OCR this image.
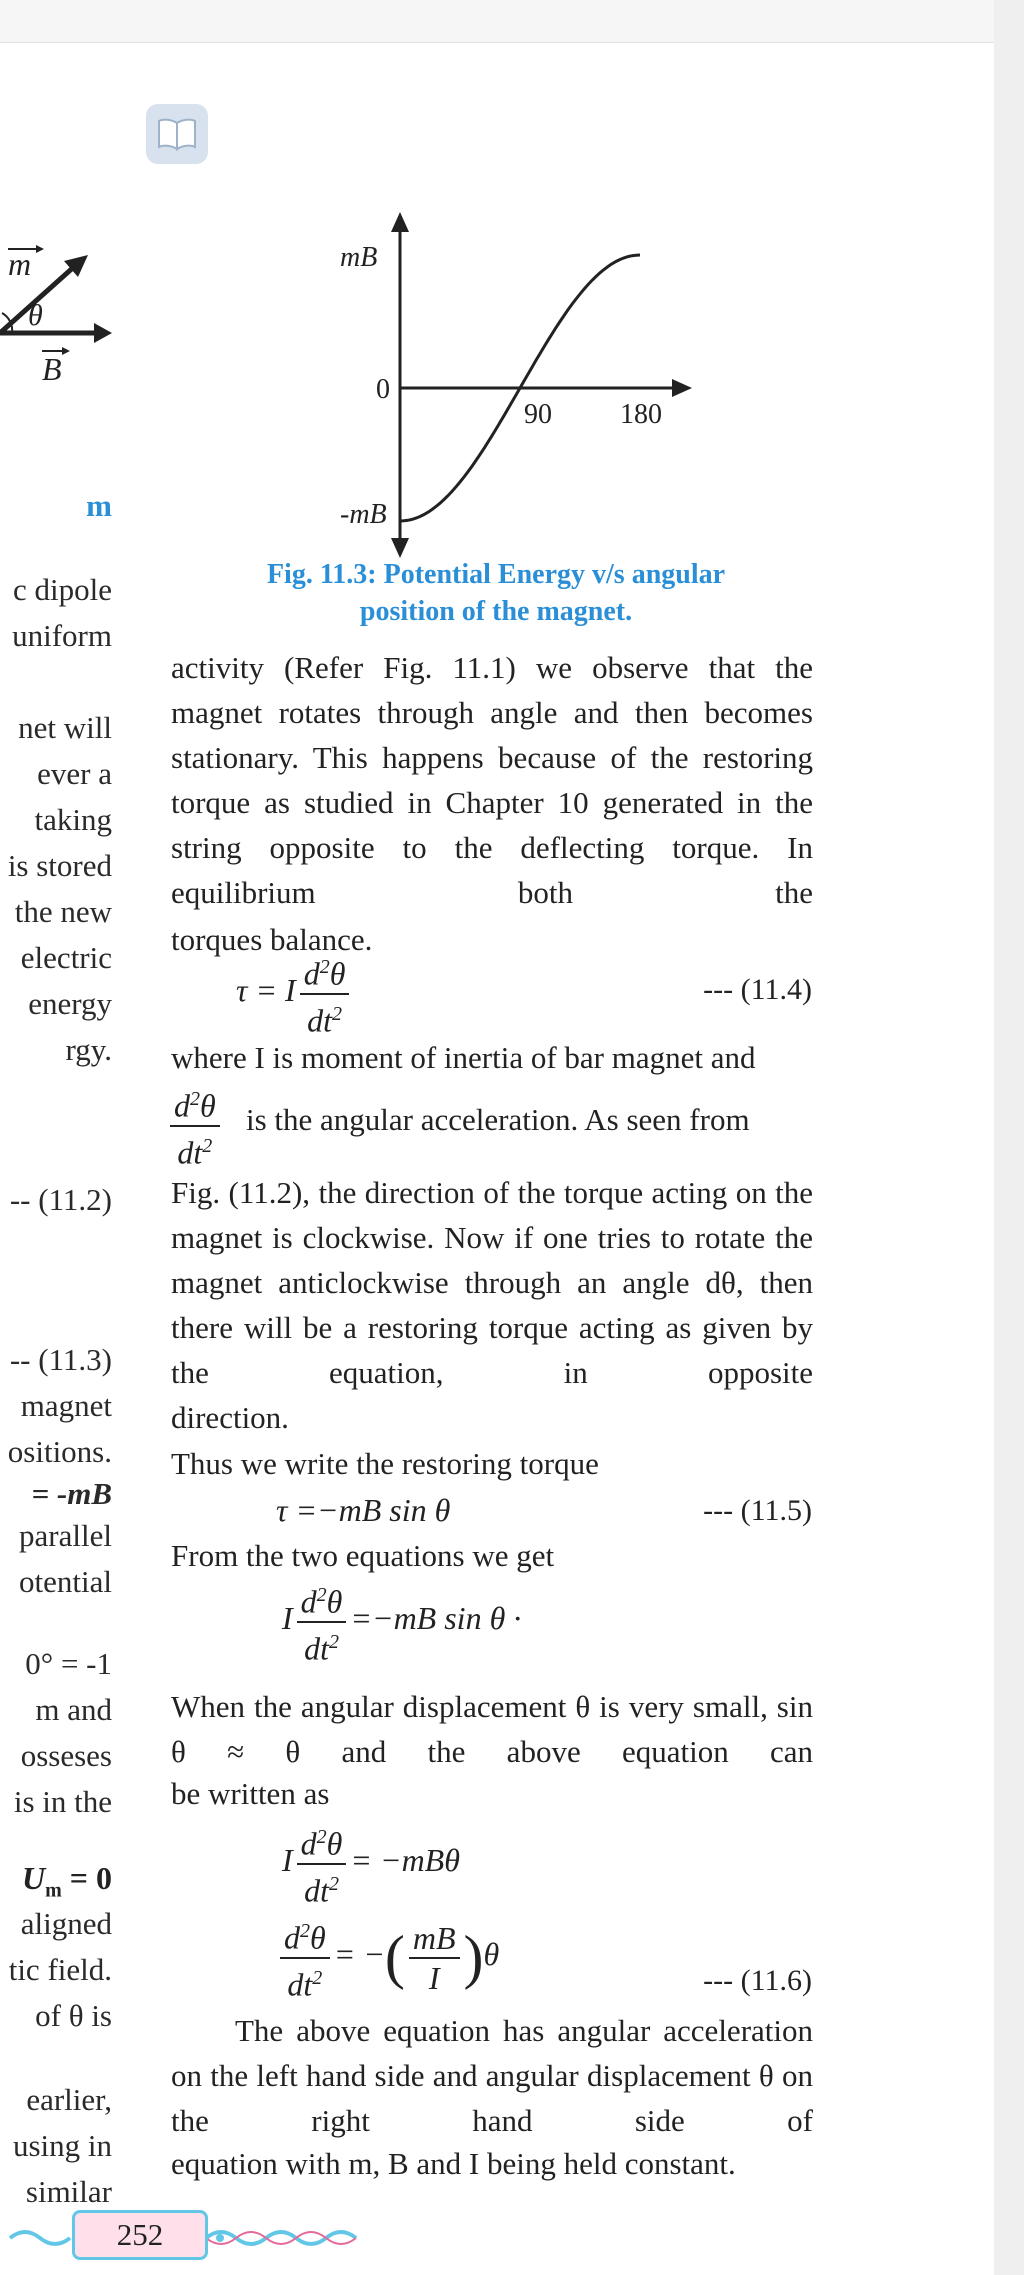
m
θ
B
mB
0
-mB
90 180
Fig. 11.3: Potential Energy v/s angular
position of the magnet.
m
c dipole
uniform
net will
ever a
taking
is stored
the new
electric
energy
rgy.
-- (11.2)
-- (11.3)
magnet
ositions.
= -mB
parallel
otential
0° = -1
m and
osseses
is in the
$U_m = 0$
aligned
tic field.
of θ is
earlier,
using in
similar
activity (Refer Fig. 11.1) we observe that the magnet rotates through angle and then becomes stationary. This happens because of the restoring torque as studied in Chapter 10 generated in the string opposite to the deflecting torque. In equilibrium both the
torques balance.
τ = I $\frac{d^2\theta}{dt^2}$	--- (11.4)
where I is moment of inertia of bar magnet and
$\frac{d^2\theta}{dt^2}$ is the angular acceleration. As seen from
Fig. (11.2), the direction of the torque acting on the magnet is clockwise. Now if one tries to rotate the magnet anticlockwise through an angle dθ, then there will be a restoring torque acting as given by the equation, in opposite
direction.
Thus we write the restoring torque
τ =−mB sin θ	--- (11.5)
From the two equations we get
I $\frac{d^2\theta}{dt^2} =-mB$ sin θ ·
When the angular displacement θ is very small, sin θ ≈ θ and the above equation can
be written as
I $\frac{d^2\theta}{dt^2} = -mB\theta$
$\frac{d^2\theta}{dt^2}$ = −( $\frac{mB}{I} )\theta$
--- (11.6)
The above equation has angular acceleration on the left hand side and angular displacement θ on the right hand side of
equation with m, B and I being held constant.
252
